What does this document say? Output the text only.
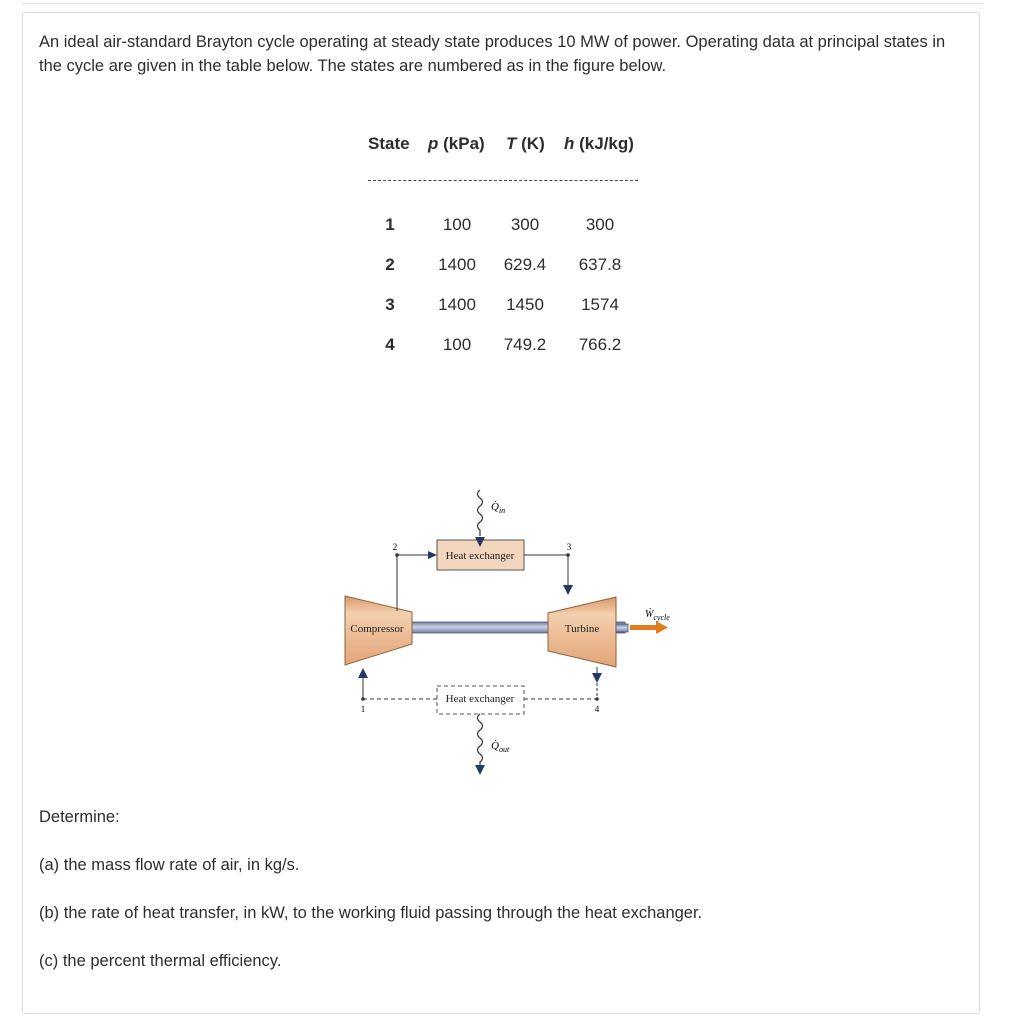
An ideal air-standard Brayton cycle operating at steady state produces 10 MW of power. Operating data at principal states in the cycle are given in the table below. The states are numbered as in the figure below.
State p (kPa) T (K) h (kJ/kg)
1	100	300	300
2	1400	629.4	637.8
3	1400	1450	1574
4	100	749.2	766.2
Compressor	Turbine
Heat exchanger
Heat exchanger
2	3
4
1
$Q̇_{in}$
$Q̇_{out}$
Ẇ$_{cycle}$
Determine:
(a) the mass flow rate of air, in kg/s.
(b) the rate of heat transfer, in kW, to the working fluid passing through the heat exchanger.
(c) the percent thermal efficiency.
